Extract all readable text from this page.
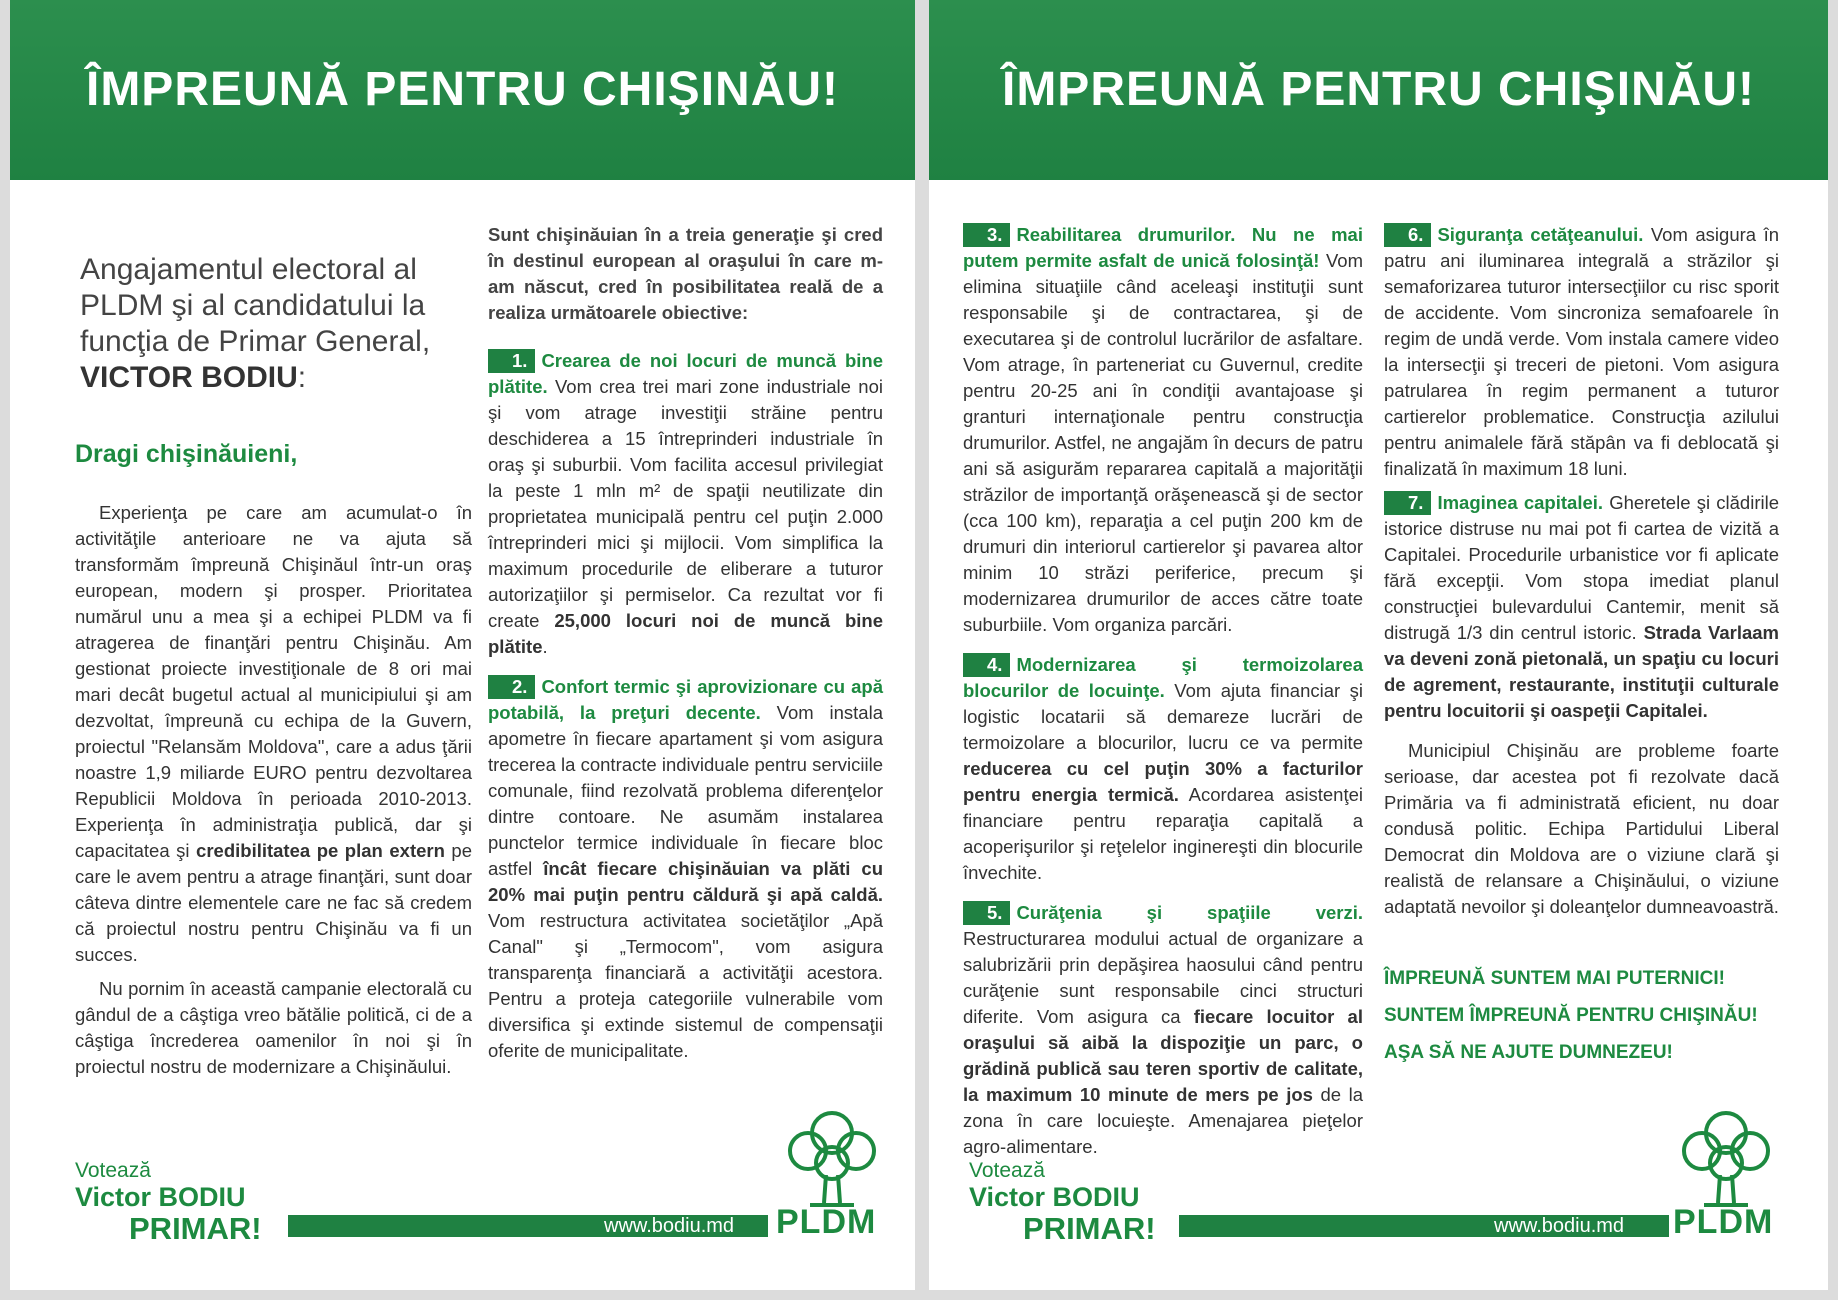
ÎMPREUNĂ PENTRU CHIŞINĂU!
Angajamentul electoral al PLDM şi al candidatului la funcţia de Primar General, VICTOR BODIU:
Dragi chişinăuieni,

Experienţa pe care am acumulat-o în activităţile anterioare ne va ajuta să transformăm împreună Chişinăul într-un oraş european, modern şi prosper. Prioritatea numărul unu a mea şi a echipei PLDM va fi atragerea de finanţări pentru Chişinău. Am gestionat proiecte investiţionale de 8 ori mai mari decât bugetul actual al municipiului şi am dezvoltat, împreună cu echipa de la Guvern, proiectul "Relansăm Moldova", care a adus ţării noastre 1,9 miliarde EURO pentru dezvoltarea Republicii Moldova în perioada 2010-2013. Experienţa în administraţia publică, dar şi capacitatea şi credibilitatea pe plan extern pe care le avem pentru a atrage finanţări, sunt doar câteva dintre elementele care ne fac să credem că proiectul nostru pentru Chişinău va fi un succes.

Nu pornim în această campanie electorală cu gândul de a câştiga vreo bătălie politică, ci de a câştiga încrederea oamenilor în noi şi în proiectul nostru de modernizare a Chişinăului.

Sunt chişinăuian în a treia generaţie şi cred în destinul european al oraşului în care m-am născut, cred în posibilitatea reală de a realiza următoarele obiective:

1. Crearea de noi locuri de muncă bine plătite. Vom crea trei mari zone industriale noi şi vom atrage investiţii străine pentru deschiderea a 15 întreprinderi industriale în oraş şi suburbii. Vom facilita accesul privilegiat la peste 1 mln m² de spaţii neutilizate din proprietatea municipală pentru cel puţin 2.000 întreprinderi mici şi mijlocii. Vom simplifica la maximum procedurile de eliberare a tuturor autorizaţiilor şi permiselor. Ca rezultat vor fi create 25,000 locuri noi de muncă bine plătite.

2. Confort termic şi aprovizionare cu apă potabilă, la preţuri decente. Vom instala apometre în fiecare apartament şi vom asigura trecerea la contracte individuale pentru serviciile comunale, fiind rezolvată problema diferenţelor dintre contoare. Ne asumăm instalarea punctelor termice individuale în fiecare bloc astfel încât fiecare chişinăuian va plăti cu 20% mai puţin pentru căldură şi apă caldă. Vom restructura activitatea societăţilor „Apă Canal" şi „Termocom", vom asigura transparenţa financiară a activităţii acestora. Pentru a proteja categoriile vulnerabile vom diversifica şi extinde sistemul de compensaţii oferite de municipalitate.

Votează
Victor BODIU
PRIMAR!	www.bodiu.md PLDM
ÎMPREUNĂ PENTRU CHIŞINĂU!

3. Reabilitarea drumurilor. Nu ne mai putem permite asfalt de unică folosinţă! Vom elimina situaţiile când aceleaşi instituţii sunt responsabile şi de contractarea, şi de executarea şi de controlul lucrărilor de asfaltare. Vom atrage, în parteneriat cu Guvernul, credite pentru 20-25 ani în condiţii avantajoase şi granturi internaţionale pentru construcţia drumurilor. Astfel, ne angajăm în decurs de patru ani să asigurăm repararea capitală a majorităţii străzilor de importanţă orăşenească şi de sector (cca 100 km), reparaţia a cel puţin 200 km de drumuri din interiorul cartierelor şi pavarea altor minim 10 străzi periferice, precum şi modernizarea drumurilor de acces către toate suburbiile. Vom organiza parcări.

4. Modernizarea şi termoizolarea blocurilor de locuinţe. Vom ajuta financiar şi logistic locatarii să demareze lucrări de termoizolare a blocurilor, lucru ce va permite reducerea cu cel puţin 30% a facturilor pentru energia termică. Acordarea asistenţei financiare pentru reparaţia capitală a acoperişurilor şi reţelelor inginereşti din blocurile învechite.

5. Curăţenia şi spaţiile verzi. Restructurarea modului actual de organizare a salubrizării prin depăşirea haosului când pentru curăţenie sunt responsabile cinci structuri diferite. Vom asigura ca fiecare locuitor al oraşului să aibă la dispoziţie un parc, o grădină publică sau teren sportiv de calitate, la maximum 10 minute de mers pe jos de la zona în care locuieşte. Amenajarea pieţelor agro-alimentare.

6. Siguranţa cetăţeanului. Vom asigura în patru ani iluminarea integrală a străzilor şi semaforizarea tuturor intersecţiilor cu risc sporit de accidente. Vom sincroniza semafoarele în regim de undă verde. Vom instala camere video la intersecţii şi treceri de pietoni. Vom asigura patrularea în regim permanent a tuturor cartierelor problematice. Construcţia azilului pentru animalele fără stăpân va fi deblocată şi finalizată în maximum 18 luni.

7. Imaginea capitalei. Gheretele şi clădirile istorice distruse nu mai pot fi cartea de vizită a Capitalei. Procedurile urbanistice vor fi aplicate fără excepţii. Vom stopa imediat planul construcţiei bulevardului Cantemir, menit să distrugă 1/3 din centrul istoric. Strada Varlaam va deveni zonă pietonală, un spaţiu cu locuri de agrement, restaurante, instituţii culturale pentru locuitorii şi oaspeţii Capitalei.

Municipiul Chişinău are probleme foarte serioase, dar acestea pot fi rezolvate dacă Primăria va fi administrată eficient, nu doar condusă politic. Echipa Partidului Liberal Democrat din Moldova are o viziune clară şi realistă de relansare a Chişinăului, o viziune adaptată nevoilor şi doleanţelor dumneavoastră.

ÎMPREUNĂ SUNTEM MAI PUTERNICI!
SUNTEM ÎMPREUNĂ PENTRU CHIŞINĂU!
AŞA SĂ NE AJUTE DUMNEZEU!
Votează
Victor BODIU
PRIMAR!	www.bodiu.md PLDM
